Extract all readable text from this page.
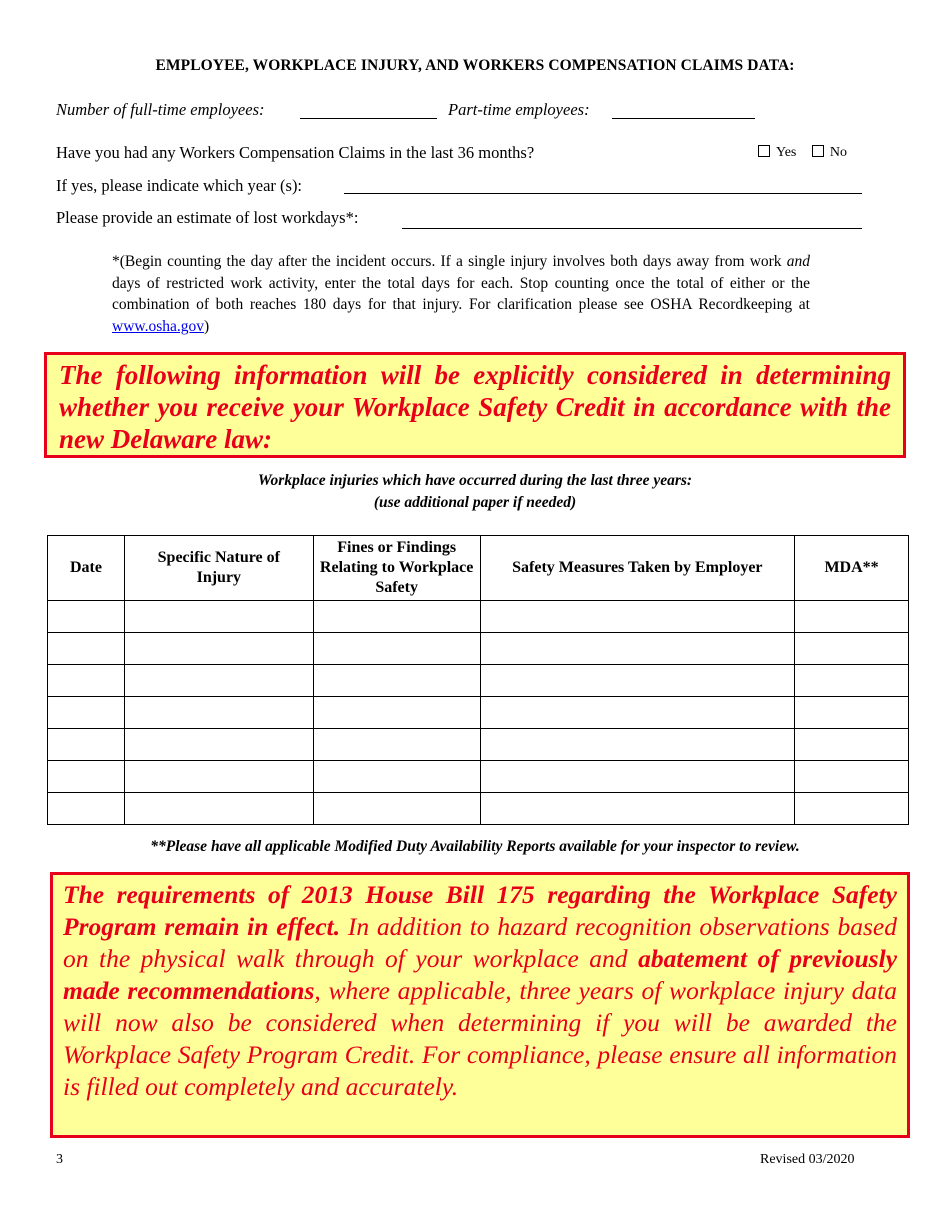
EMPLOYEE, WORKPLACE INJURY, AND WORKERS COMPENSATION CLAIMS DATA:
Number of full-time employees:	Part-time employees:
Have you had any Workers Compensation Claims in the last 36 months?	Yes No
If yes, please indicate which year (s):
Please provide an estimate of lost workdays*:
*(Begin counting the day after the incident occurs. If a single injury involves both days away from work and days of restricted work activity, enter the total days for each. Stop counting once the total of either or the combination of both reaches 180 days for that injury. For clarification please see OSHA Recordkeeping at www.osha.gov)
The following information will be explicitly considered in determining whether you receive your Workplace Safety Credit in accordance with the new Delaware law:
Workplace injuries which have occurred during the last three years:
(use additional paper if needed)
Date	Specific Nature of Injury	Fines or Findings Relating to Workplace Safety	Safety Measures Taken by Employer	MDA**

**Please have all applicable Modified Duty Availability Reports available for your inspector to review.
The requirements of 2013 House Bill 175 regarding the Workplace Safety Program remain in effect. In addition to hazard recognition observations based on the physical walk through of your workplace and abatement of previously made recommendations, where applicable, three years of workplace injury data will now also be considered when determining if you will be awarded the Workplace Safety Program Credit. For compliance, please ensure all information is filled out completely and accurately.
3	Revised 03/2020
